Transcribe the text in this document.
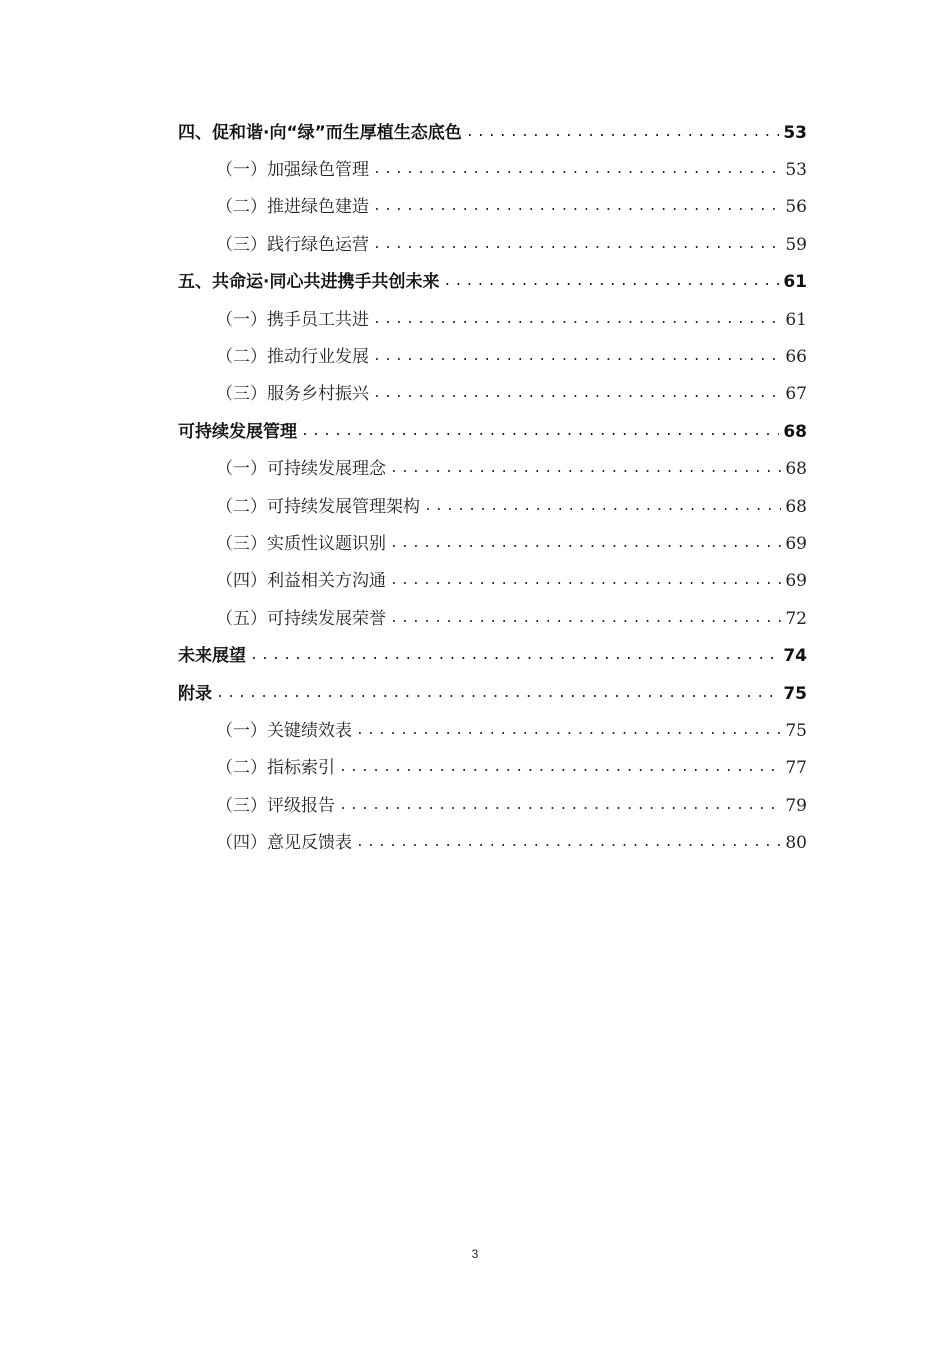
四、促和谐·向“绿”而生厚植生态底色 .....	53
（一）加强绿色管理 .....	53
（二）推进绿色建造 .....	56
（三）践行绿色运营 .....	59
五、共命运·同心共进携手共创未来 .....	61
（一）携手员工共进 .....	61
（二）推动行业发展 .....	66
（三）服务乡村振兴 .....	67
可持续发展管理 .....	68
（一）可持续发展理念 .....	68
（二）可持续发展管理架构 .....	68
（三）实质性议题识别 .....	69
（四）利益相关方沟通 .....	69
（五）可持续发展荣誉 .....	72
未来展望 .....	74
附录 .....	75
（一）关键绩效表 .....	75
（二）指标索引 .....	77
（三）评级报告 .....	79
（四）意见反馈表 .....	80
3
